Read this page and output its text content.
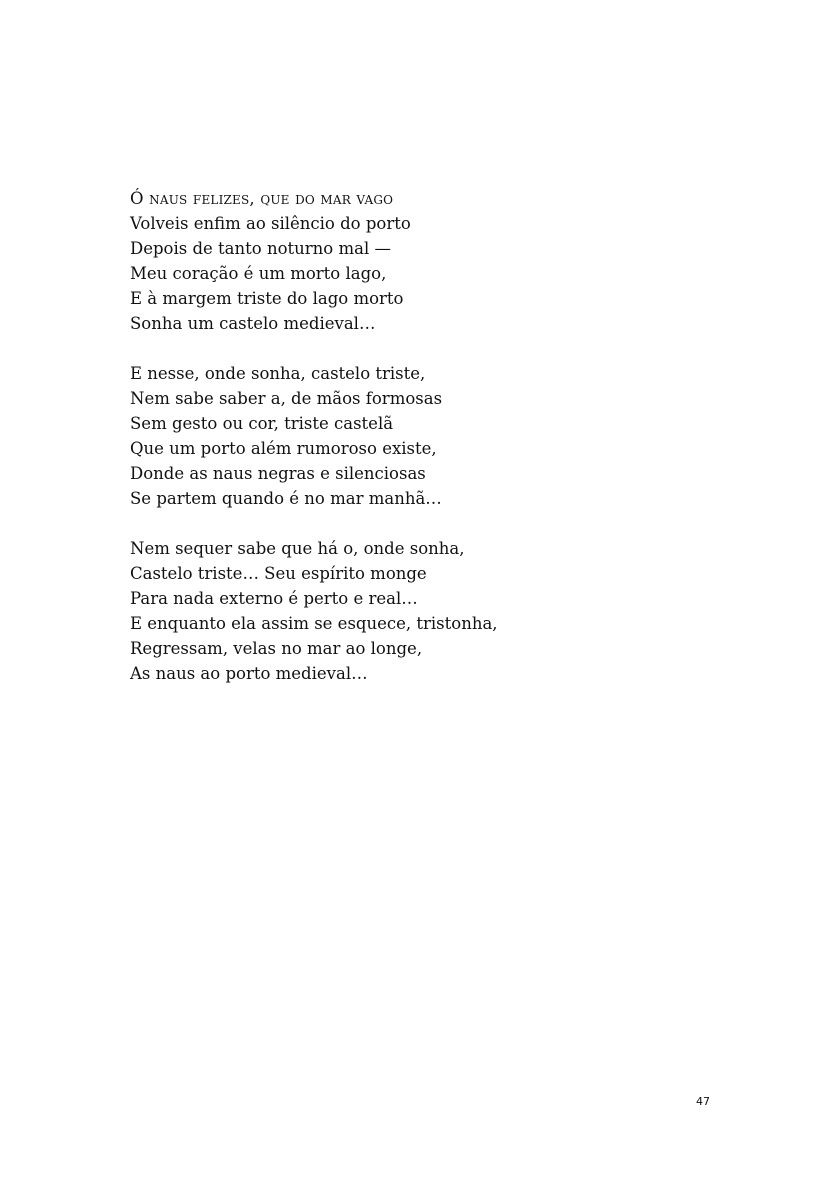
Ó naus felizes, que do mar vago
Volveis enfim ao silêncio do porto
Depois de tanto noturno mal —
Meu coração é um morto lago,
E à margem triste do lago morto
Sonha um castelo medieval…
E nesse, onde sonha, castelo triste,
Nem sabe saber a, de mãos formosas
Sem gesto ou cor, triste castelã
Que um porto além rumoroso existe,
Donde as naus negras e silenciosas
Se partem quando é no mar manhã…
Nem sequer sabe que há o, onde sonha,
Castelo triste… Seu espírito monge
Para nada externo é perto e real…
E enquanto ela assim se esquece, tristonha,
Regressam, velas no mar ao longe,
As naus ao porto medieval…
47
